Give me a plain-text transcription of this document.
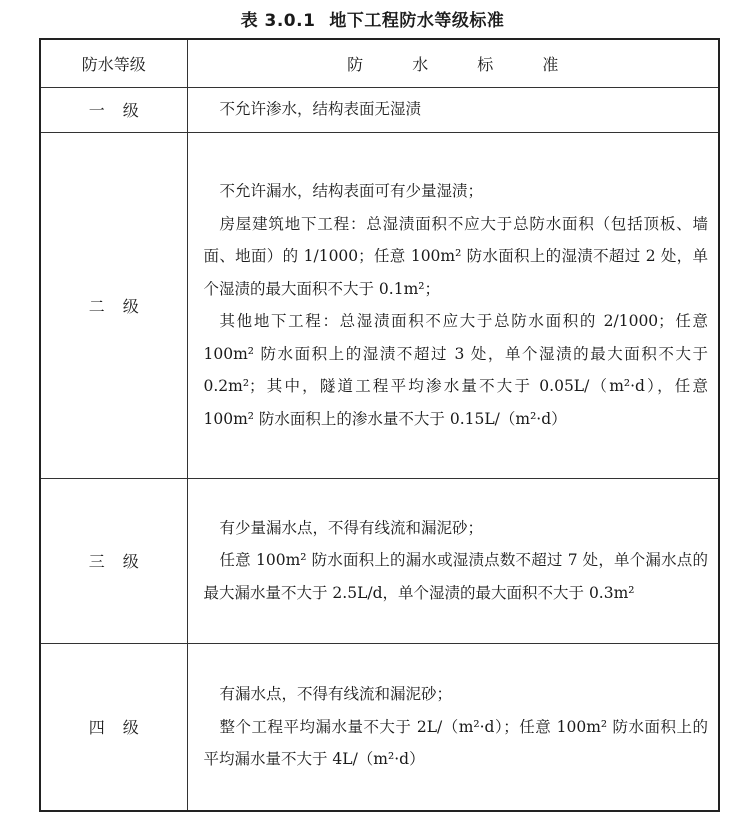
表 3.0.1 地下工程防水等级标准
防水等级	防 水 标 准
一级	不允许渗水，结构表面无湿渍

二级	不允许漏水，结构表面可有少量湿渍；

房屋建筑地下工程：总湿渍面积不应大于总防水面积（包括顶板、墙面、地面）的 1/1000；任意 100m² 防水面积上的湿渍不超过 2 处，单个湿渍的最大面积不大于 0.1m²；

其他地下工程：总湿渍面积不应大于总防水面积的 2/1000；任意 100m² 防水面积上的湿渍不超过 3 处，单个湿渍的最大面积不大于 0.2m²；其中，隧道工程平均渗水量不大于 0.05L/（m²·d），任意 100m² 防水面积上的渗水量不大于 0.15L/（m²·d）

三级	有少量漏水点，不得有线流和漏泥砂；

任意 100m² 防水面积上的漏水或湿渍点数不超过 7 处，单个漏水点的最大漏水量不大于 2.5L/d，单个湿渍的最大面积不大于 0.3m²

四级	有漏水点，不得有线流和漏泥砂；

整个工程平均漏水量不大于 2L/（m²·d）；任意 100m² 防水面积上的平均漏水量不大于 4L/（m²·d）
